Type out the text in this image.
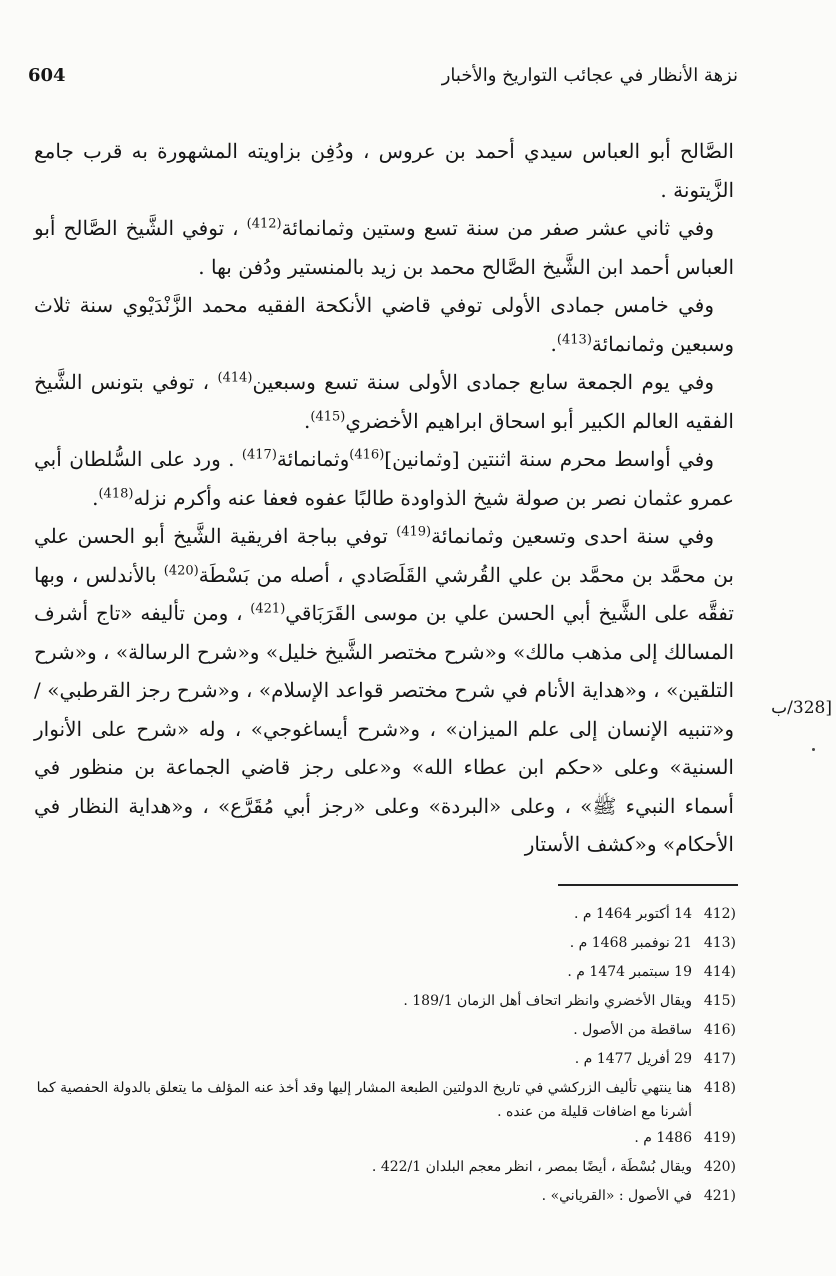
نزهة الأنظار في عجائب التواريخ والأخبار
604

الصَّالح أبو العباس سيدي أحمد بن عروس ، ودُفِن بزاويته المشهورة به قرب جامع الزَّيتونة .

وفي ثاني عشر صفر من سنة تسع وستين وثمانمائة$^{(412)}$ ، توفي الشَّيخ الصَّالح أبو العباس أحمد ابن الشَّيخ الصَّالح محمد بن زيد بالمنستير ودُفن بها .

وفي خامس جمادى الأولى توفي قاضي الأنكحة الفقيه محمد الزَّنْدَيْوي سنة ثلاث وسبعين وثمانمائة$^{(413)}$.

وفي يوم الجمعة سابع جمادى الأولى سنة تسع وسبعين$^{(414)}$ ، توفي بتونس الشَّيخ الفقيه العالم الكبير أبو اسحاق ابراهيم الأخضري$^{(415)}$.

وفي أواسط محرم سنة اثنتين [وثمانين]$^{(416)}$وثمانمائة$^{(417)}$ . ورد على السُّلطان أبي عمرو عثمان نصر بن صولة شيخ الذواودة طالبًا عفوه فعفا عنه وأكرم نزله$^{(418)}$.

وفي سنة احدى وتسعين وثمانمائة$^{(419)}$ توفي بباجة افريقية الشَّيخ أبو الحسن علي بن محمَّد بن محمَّد بن علي القُرشي القَلَصَادي ، أصله من بَسْطَة$^{(420)}$ بالأندلس ، وبها تفقَّه على الشَّيخ أبي الحسن علي بن موسى القَرَبَاقي$^{(421)}$ ، ومن تأليفه «تاج أشرف المسالك إلى مذهب مالك» و«شرح مختصر الشَّيخ خليل» و«شرح الرسالة» ، و«شرح التلقين» ، و«هداية الأنام في شرح مختصر قواعد الإسلام» ، و«شرح رجز القرطبي» / و«تنبيه الإنسان إلى علم الميزان» ، و«شرح أيساغوجي» ، وله «شرح على الأنوار السنية» وعلى «حكم ابن عطاء الله» و«على رجز قاضي الجماعة بن منظور في أسماء النبيء ﷺ» ، وعلى «البردة» وعلى «رجز أبي مُقَرَّع» ، و«هداية النظار في الأحكام» و«كشف الأستار

[328/ب
412)
14 أكتوبر 1464 م .
413)
21 نوفمبر 1468 م .
414)
19 سبتمبر 1474 م .
415)
ويقال الأخضري وانظر اتحاف أهل الزمان 189/1 .
416)
ساقطة من الأصول .
417)
29 أفريل 1477 م .
418)
هنا ينتهي تأليف الزركشي في تاريخ الدولتين الطبعة المشار إليها وقد أخذ عنه المؤلف ما يتعلق بالدولة الحفصية كما أشرنا مع اضافات قليلة من عنده .
419)
1486 م .
420)
ويقال بُسْطَة ، أيضًا بمصر ، انظر معجم البلدان 422/1 .
421)
في الأصول : «القرياني» .
